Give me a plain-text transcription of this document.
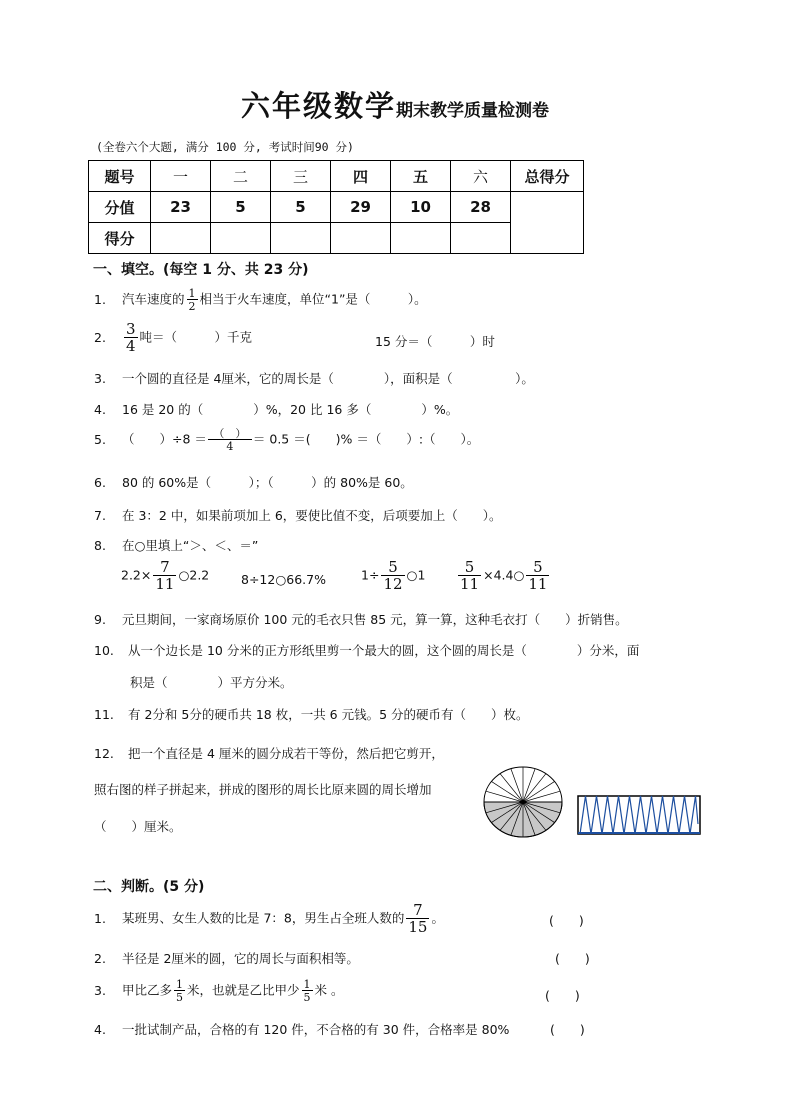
六年级数学期末教学质量检测卷
(全卷六个大题, 满分 100 分, 考试时间90 分)
题号	一	二	三	四	五	六	总得分
分值	23	5	5	29	10	28	
得分							
一、填空。(每空 1 分、共 23 分)
1. 汽车速度的 $\frac{1}{2}$ 相当于火车速度，单位“1”是（　　　）。
2. $\frac{3}{4}$ 吨＝（　　　）千克	15 分＝（　　　）时
3. 一个圆的直径是 4厘米，它的周长是（　　　　），面积是（　　　　　）。
4. 16 是 20 的（　　　　）%，20 比 16 多（　　　　）%。
5. （　　）$\div 8 = \frac{( )}{4} = 0.5$ ＝(　　)% ＝（　　）:（　　）。
6. 80 的 60%是（　　　）；（　　　）的 80%是 60。
7. 在 3：2 中，如果前项加上 6，要使比值不变，后项要加上（　　）。
8. 在○里填上“＞、＜、＝”
$2.2\times \frac{7}{11}$ ○2.2	8÷12○66.7%	$1\div \frac{5}{12}$ ○1 $\frac{5}{11}$ ×4.4○ $\frac{5}{11}$
9. 元旦期间，一家商场原价 100 元的毛衣只售 85 元，算一算，这种毛衣打（　　）折销售。
10. 从一个边长是 10 分米的正方形纸里剪一个最大的圆，这个圆的周长是（　　　　）分米，面
积是（　　　　）平方分米。
11. 有 2分和 5分的硬币共 18 枚，一共 6 元钱。5 分的硬币有（　　）枚。
12. 把一个直径是 4 厘米的圆分成若干等份，然后把它剪开，
照右图的样子拼起来，拼成的图形的周长比原来圆的周长增加
（　　）厘米。
二、判断。(5 分)
1. 某班男、女生人数的比是 7：8，男生占全班人数的 $\frac{7}{15}$ 。	(　　)
2. 半径是 2厘米的圆，它的周长与面积相等。	(　　)
3. 甲比乙多 $\frac{1}{5}$ 米，也就是乙比甲少 $\frac{1}{5}$ 米 。	(　　)
4. 一批试制产品，合格的有 120 件，不合格的有 30 件，合格率是 80%	(　　)
